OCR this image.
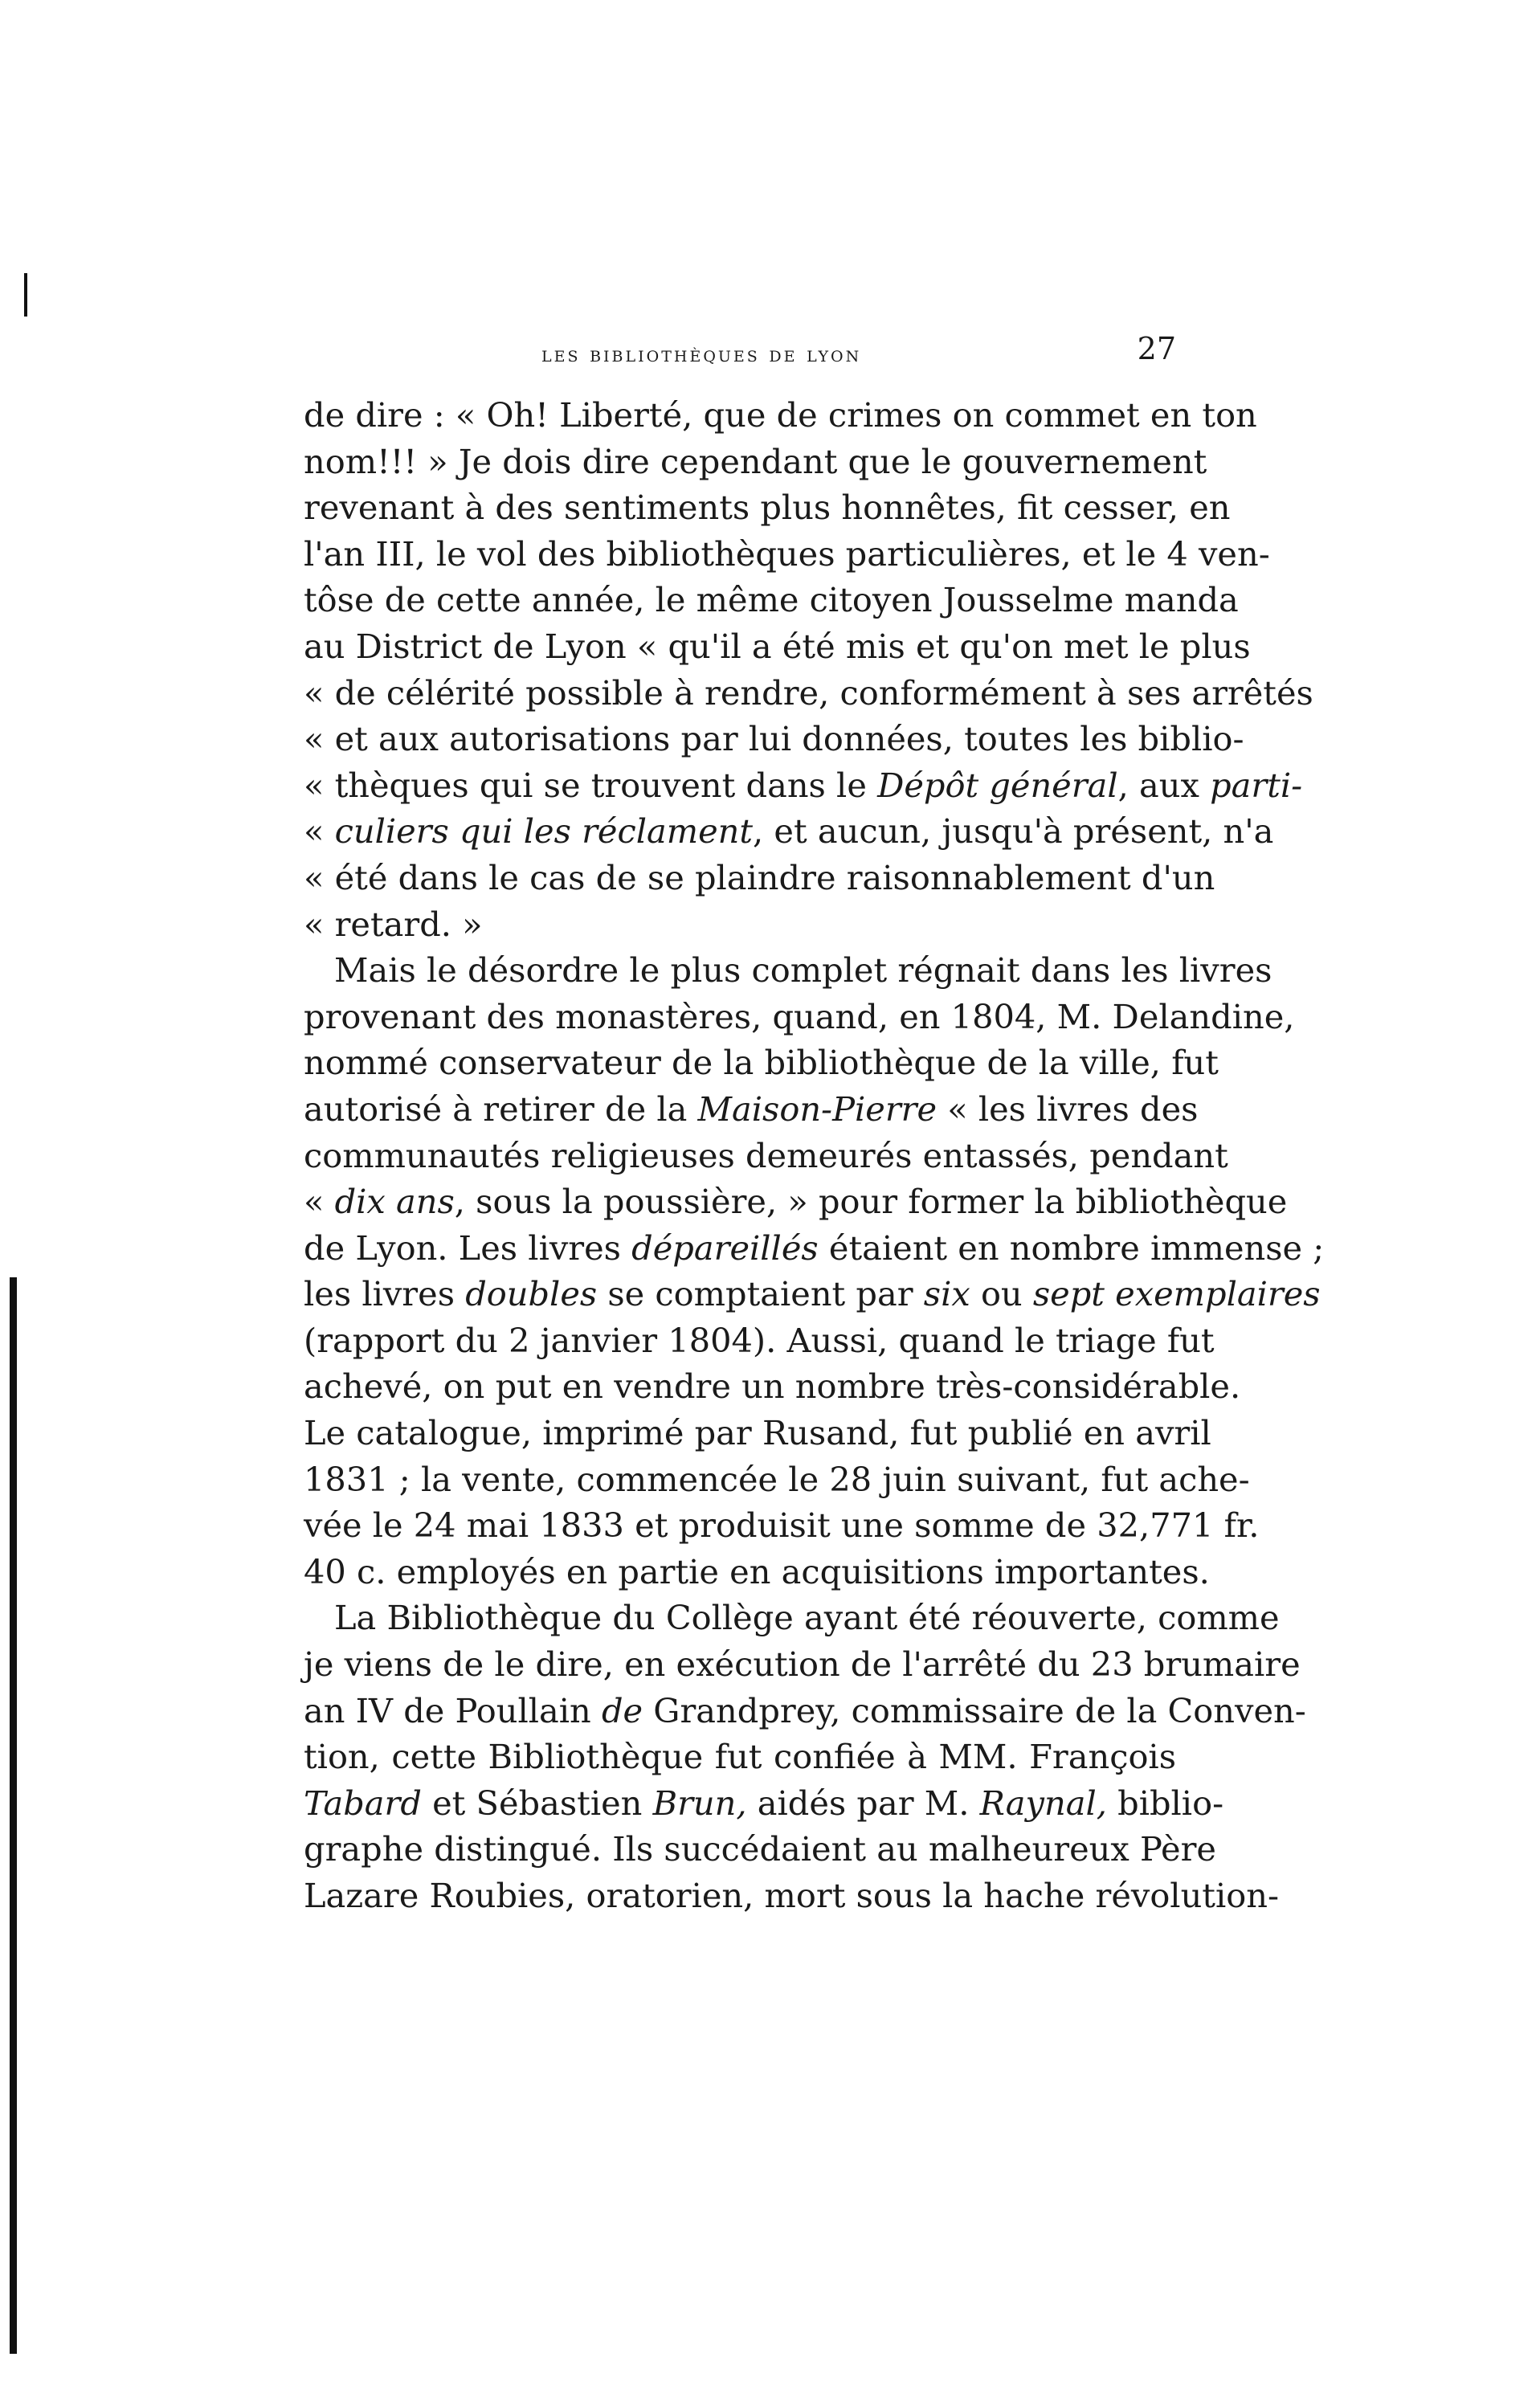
les bibliothèques de lyon	27
de dire : « Oh! Liberté, que de crimes on commet en ton
nom!!! » Je dois dire cependant que le gouvernement
revenant à des sentiments plus honnêtes, fit cesser, en
l'an III, le vol des bibliothèques particulières, et le 4 ven-
tôse de cette année, le même citoyen Jousselme manda
au District de Lyon « qu'il a été mis et qu'on met le plus
« de célérité possible à rendre, conformément à ses arrêtés
« et aux autorisations par lui données, toutes les biblio-
« thèques qui se trouvent dans le Dépôt général, aux parti-
« culiers qui les réclament, et aucun, jusqu'à présent, n'a
« été dans le cas de se plaindre raisonnablement d'un
« retard. »
Mais le désordre le plus complet régnait dans les livres
provenant des monastères, quand, en 1804, M. Delandine,
nommé conservateur de la bibliothèque de la ville, fut
autorisé à retirer de la Maison-Pierre « les livres des
communautés religieuses demeurés entassés, pendant
« dix ans, sous la poussière, » pour former la bibliothèque
de Lyon. Les livres dépareillés étaient en nombre immense ;
les livres doubles se comptaient par six ou sept exemplaires
(rapport du 2 janvier 1804). Aussi, quand le triage fut
achevé, on put en vendre un nombre très-considérable.
Le catalogue, imprimé par Rusand, fut publié en avril
1831 ; la vente, commencée le 28 juin suivant, fut ache-
vée le 24 mai 1833 et produisit une somme de 32,771 fr.
40 c. employés en partie en acquisitions importantes.
La Bibliothèque du Collège ayant été réouverte, comme
je viens de le dire, en exécution de l'arrêté du 23 brumaire
an IV de Poullain de Grandprey, commissaire de la Conven-
tion, cette Bibliothèque fut confiée à MM. François
Tabard et Sébastien Brun, aidés par M. Raynal, biblio-
graphe distingué. Ils succédaient au malheureux Père
Lazare Roubies, oratorien, mort sous la hache révolution-
